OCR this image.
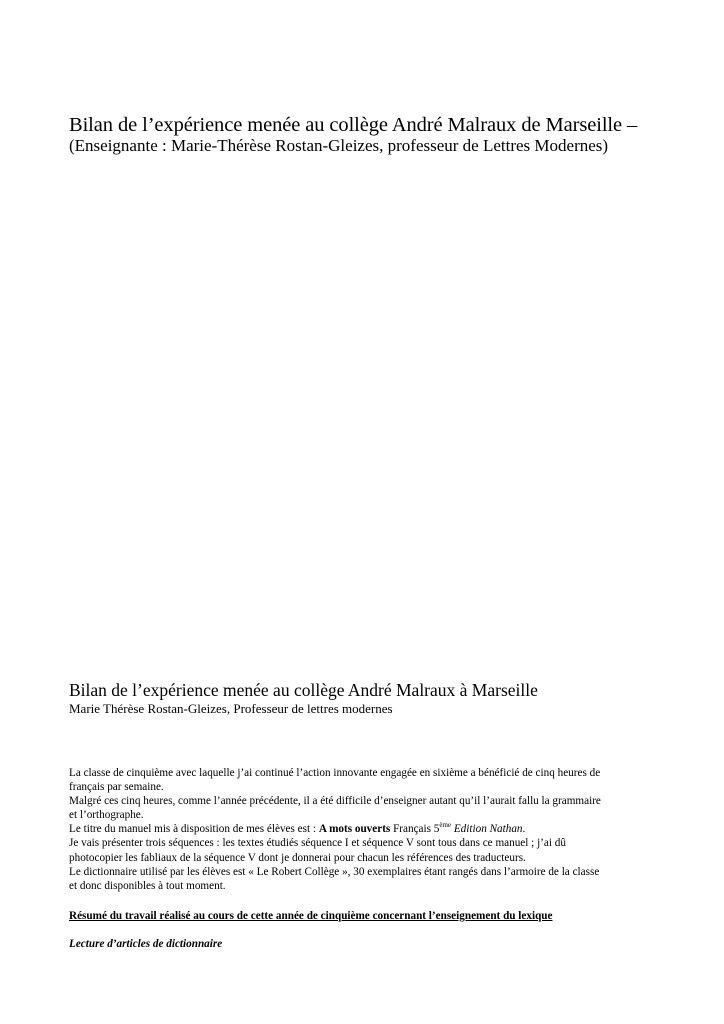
Bilan de l’expérience menée au collège André Malraux de Marseille –
(Enseignante : Marie-Thérèse Rostan-Gleizes, professeur de Lettres Modernes)
Bilan de l’expérience menée au collège André Malraux à Marseille
Marie Thérèse Rostan-Gleizes, Professeur de lettres modernes

La classe de cinquième avec laquelle j’ai continué l’action innovante engagée en sixième a bénéficié de cinq heures de

français par semaine.

Malgré ces cinq heures, comme l’année précédente, il a été difficile d’enseigner autant qu’il l’aurait fallu la grammaire

et l’orthographe.

Le titre du manuel mis à disposition de mes élèves est : A mots ouverts Français 5ème Edition Nathan.

Je vais présenter trois séquences : les textes étudiés séquence I et séquence V sont tous dans ce manuel ; j’ai dû

photocopier les fabliaux de la séquence V dont je donnerai pour chacun les références des traducteurs.

Le dictionnaire utilisé par les élèves est « Le Robert Collège », 30 exemplaires étant rangés dans l’armoire de la classe

et donc disponibles à tout moment.

Résumé du travail réalisé au cours de cette année de cinquième concernant l’enseignement du lexique
Lecture d’articles de dictionnaire
